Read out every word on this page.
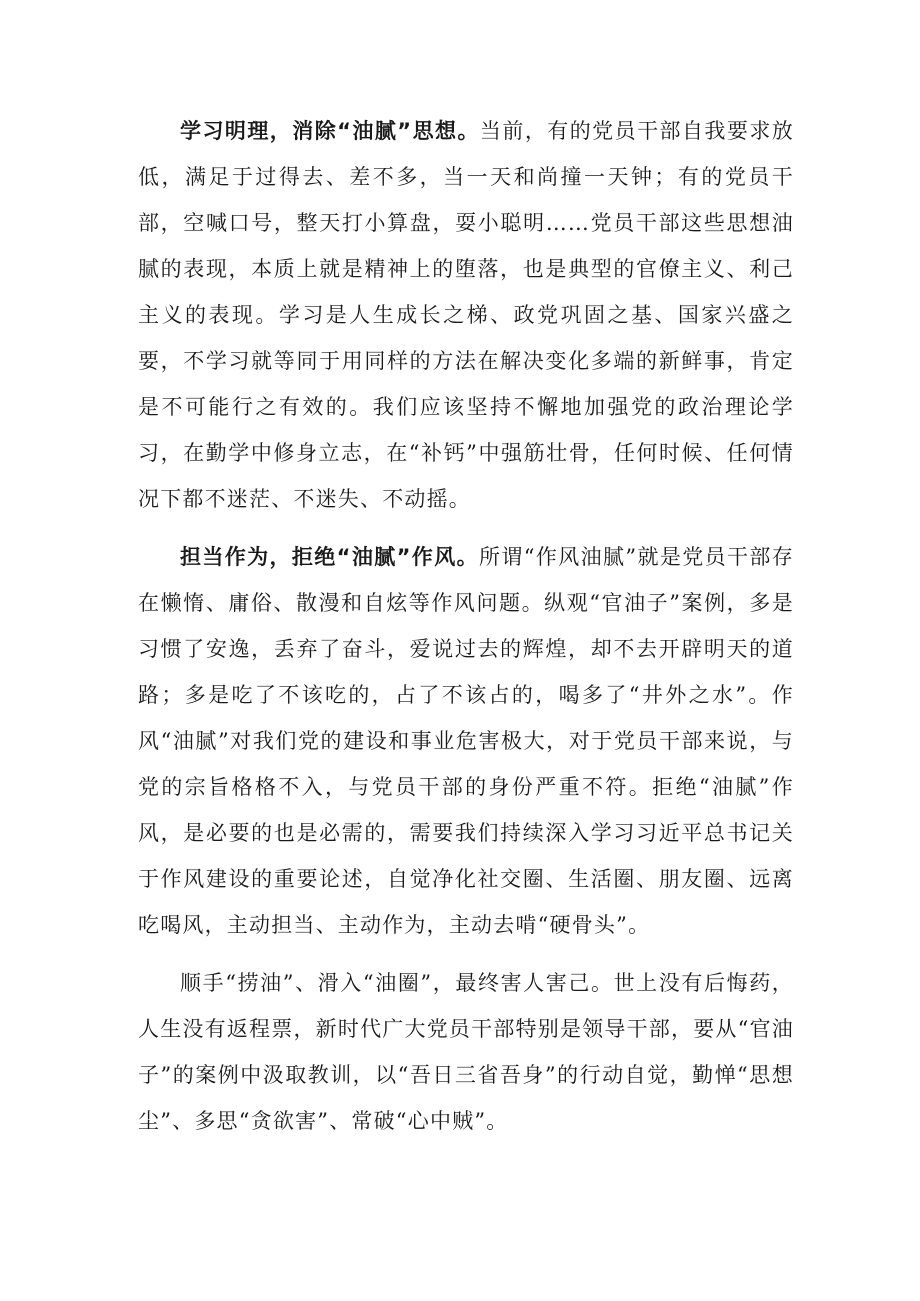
学习明理，消除“油腻”思想。当前，有的党员干部自我要求放低，满足于过得去、差不多，当一天和尚撞一天钟；有的党员干部，空喊口号，整天打小算盘，耍小聪明……党员干部这些思想油腻的表现，本质上就是精神上的堕落，也是典型的官僚主义、利己主义的表现。学习是人生成长之梯、政党巩固之基、国家兴盛之要，不学习就等同于用同样的方法在解决变化多端的新鲜事，肯定是不可能行之有效的。我们应该坚持不懈地加强党的政治理论学习，在勤学中修身立志，在“补钙”中强筋壮骨，任何时候、任何情况下都不迷茫、不迷失、不动摇。

担当作为，拒绝“油腻”作风。所谓“作风油腻”就是党员干部存在懒惰、庸俗、散漫和自炫等作风问题。纵观“官油子”案例，多是习惯了安逸，丢弃了奋斗，爱说过去的辉煌，却不去开辟明天的道路；多是吃了不该吃的，占了不该占的，喝多了“井外之水”。作风“油腻”对我们党的建设和事业危害极大，对于党员干部来说，与党的宗旨格格不入，与党员干部的身份严重不符。拒绝“油腻”作风，是必要的也是必需的，需要我们持续深入学习习近平总书记关于作风建设的重要论述，自觉净化社交圈、生活圈、朋友圈、远离吃喝风，主动担当、主动作为，主动去啃“硬骨头”。

顺手“捞油”、滑入“油圈”，最终害人害己。世上没有后悔药，人生没有返程票，新时代广大党员干部特别是领导干部，要从“官油子”的案例中汲取教训，以“吾日三省吾身”的行动自觉，勤惮“思想尘”、多思“贪欲害”、常破“心中贼”。
